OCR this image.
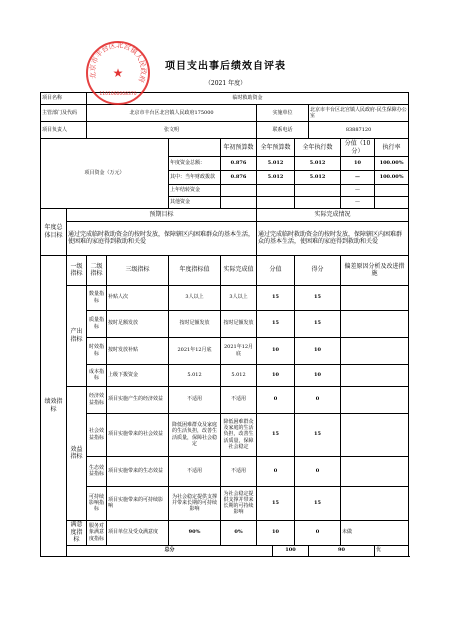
项目支出事后绩效自评表
（2021 年度）
项目名称		临时救助资金										
主管部门及代码		北京市丰台区北宫镇人民政府175000				实施单位			北京市丰台区北宫镇人民政府-民生保障办公室			
项目负责人		张文明				联系电话			83887120			
项目资金（万元）					年初预算数	全年预算数		全年执行数		分值（10分）	执行率	
				年度资金总额：	0.876	5.012		5.012		10	100.00%	
				其中：当年财政拨款	0.876	5.012		5.012		—	100.00%	
				上年结转资金						—		
				其他资金						—		
年度总体目标	预期目标					实际完成情况						
	通过完成临时救助资金的按时发放，保障辖区内困难群众的基本生活，使困难的家庭得到救助和关爱					通过完成临时救助资金的按时发放，保障辖区内困难群众的基本生活，使困难的家庭得到救助和关爱						
绩效指标	一级指标	二级指标	三级指标	年度指标值	实际完成值	分值		得分		偏差原因分析及改进措施		
	产出指标	数量指标	补贴人次	3人以上	3人以上	15		15				
		质量指标	按时足额发放	按时足额发放	按时足额发放	15		15				
		时效指标	按时发放补贴	2021年12月底	2021年12月底	10		10				
		成本指标	上级下拨资金	5.012	5.012	10		10				
	效益指标	经济效益指标	项目实施产生的经济效益	不适用	不适用	0		0				
		社会效益指标	项目实施带来的社会效益	降低困难群众及家庭的生活负担，改善生活质量，保障社会稳定	降低困难群众及家庭的生活负担，改善生活质量，保障社会稳定	15		15				
		生态效益指标	项目实施带来的生态效益	不适用	不适用	0		0				
		可持续影响指标	项目实施带来的可持续影响	为社会稳定提供支撑并带来长期的可持续影响	为社会稳定提供支撑并带来长期的可持续影响	15		15				
	满意度指标	服务对象满意度指标	项目单位及受众满意度	90%	0%	10		0		未做		
	总分						100		90		优	
北京市丰台区北宫镇人民政府
★
1101060008370
